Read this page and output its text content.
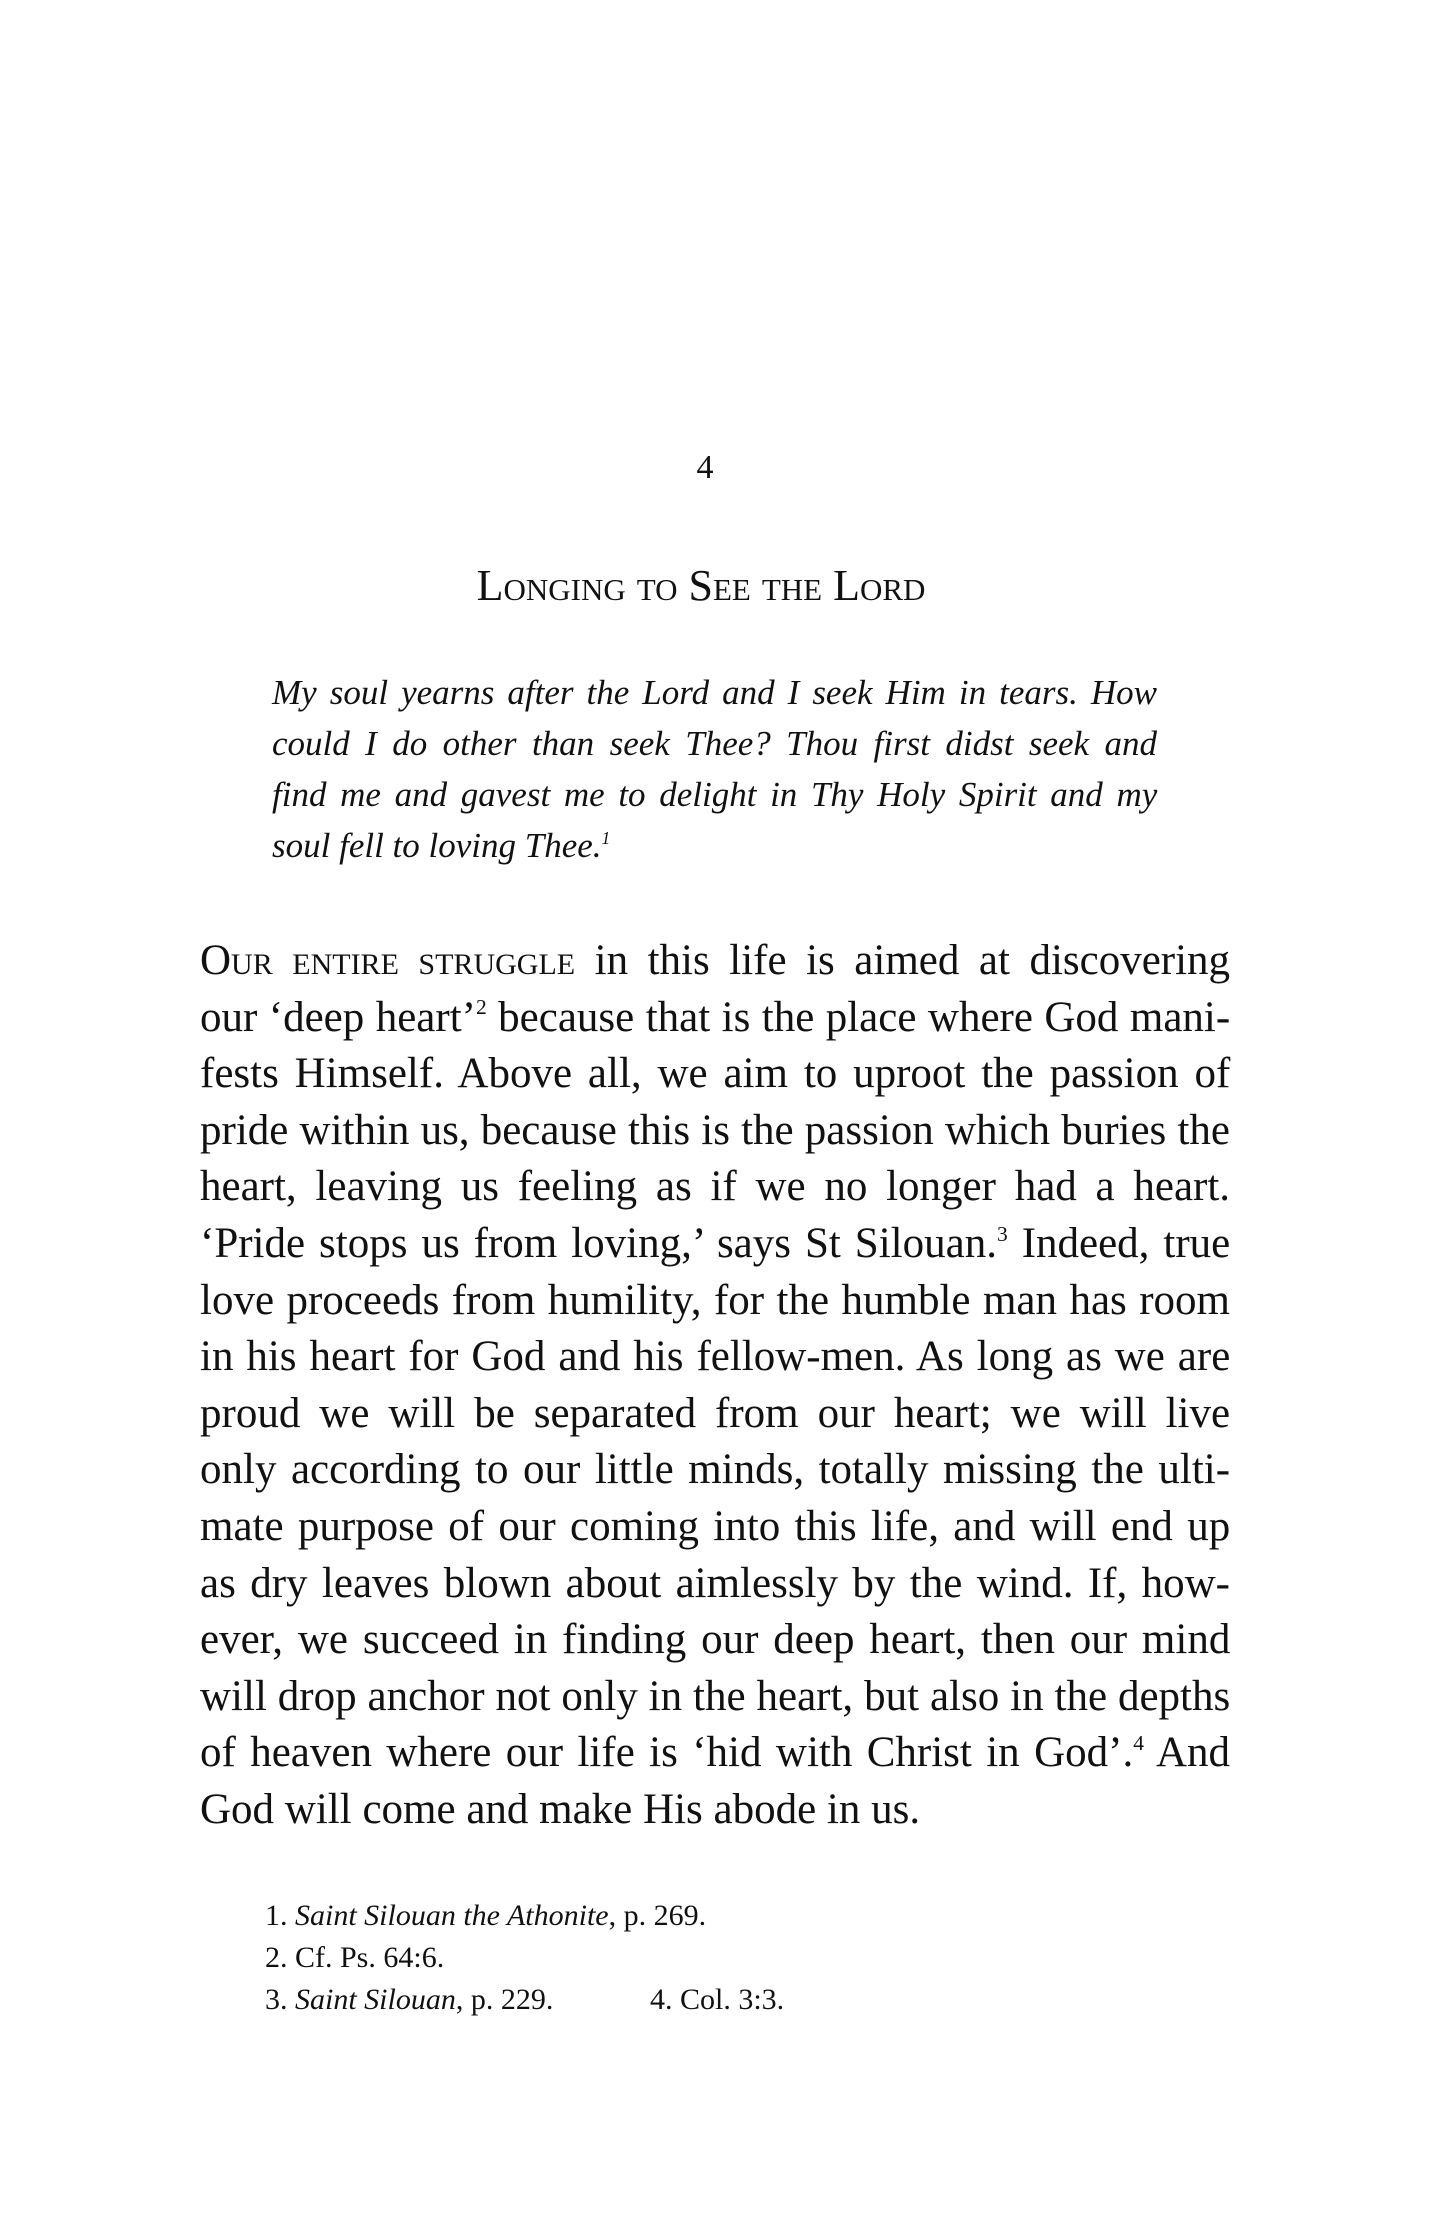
4
Longing to See the Lord
My soul yearns after the Lord and I seek Him in tears. How
could I do other than seek Thee? Thou first didst seek and
find me and gavest me to delight in Thy Holy Spirit and my
soul fell to loving Thee.$^1$
Our entire struggle in this life is aimed at discovering
our ‘deep heart’$^2$ because that is the place where God mani-
fests Himself. Above all, we aim to uproot the passion of
pride within us, because this is the passion which buries the
heart, leaving us feeling as if we no longer had a heart.
‘Pride stops us from loving,’ says St Silouan.$^3$ Indeed, true
love proceeds from humility, for the humble man has room
in his heart for God and his fellow-men. As long as we are
proud we will be separated from our heart; we will live
only according to our little minds, totally missing the ulti-
mate purpose of our coming into this life, and will end up
as dry leaves blown about aimlessly by the wind. If, how-
ever, we succeed in finding our deep heart, then our mind
will drop anchor not only in the heart, but also in the depths
of heaven where our life is ‘hid with Christ in God’.$^4$ And
God will come and make His abode in us.
1. Saint Silouan the Athonite, p. 269.
2. Cf. Ps. 64:6.
3. Saint Silouan, p. 229.	4. Col. 3:3.
